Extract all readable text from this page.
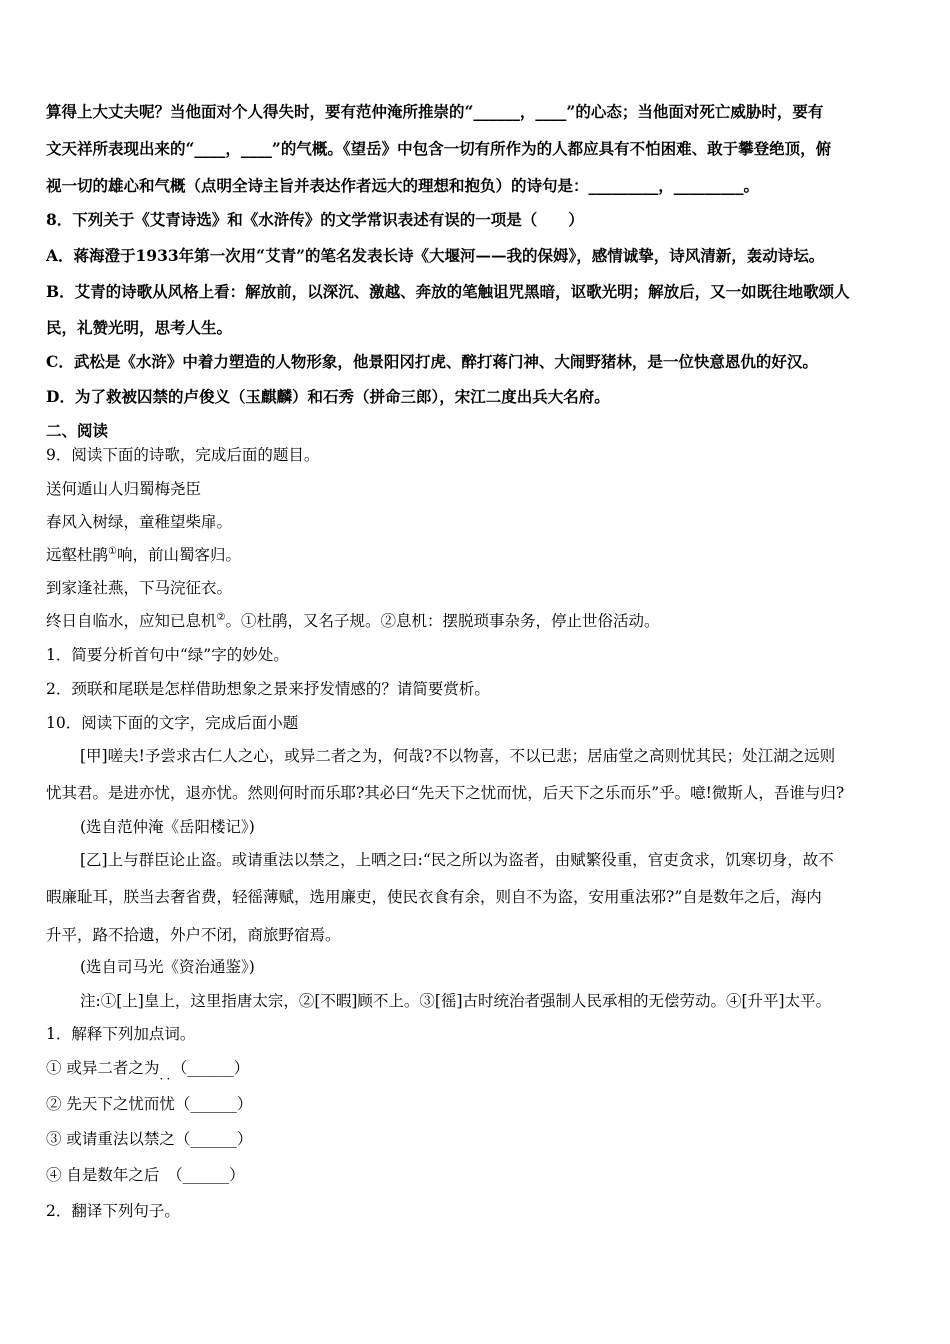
算得上大丈夫呢？当他面对个人得失时，要有范仲淹所推崇的“______，____”的心态；当他面对死亡威胁时，要有
文天祥所表现出来的“____，____”的气概。《望岳》中包含一切有所作为的人都应具有不怕困难、敢于攀登绝顶，俯
视一切的雄心和气概（点明全诗主旨并表达作者远大的理想和抱负）的诗句是：_________，_________。
8．下列关于《艾青诗选》和《水浒传》的文学常识表述有误的一项是（　　）
A．蒋海澄于1933年第一次用“艾青”的笔名发表长诗《大堰河——我的保姆》，感情诚挚，诗风清新，轰动诗坛。
B．艾青的诗歌从风格上看：解放前，以深沉、激越、奔放的笔触诅咒黑暗，讴歌光明；解放后，又一如既往地歌颂人
民，礼赞光明，思考人生。
C．武松是《水浒》中着力塑造的人物形象，他景阳冈打虎、醉打蒋门神、大闹野猪林，是一位快意恩仇的好汉。
D．为了救被囚禁的卢俊义（玉麒麟）和石秀（拼命三郎），宋江二度出兵大名府。
二、阅读
9．阅读下面的诗歌，完成后面的题目。
送何遁山人归蜀梅尧臣
春风入树绿，童稚望柴扉。
远壑杜鹃①响，前山蜀客归。
到家逢社燕，下马浣征衣。
终日自临水，应知已息机②。①杜鹃，又名子规。②息机：摆脱琐事杂务，停止世俗活动。
1．简要分析首句中“绿”字的妙处。
2．颈联和尾联是怎样借助想象之景来抒发情感的？请简要赏析。
10．阅读下面的文字，完成后面小题
[甲]嗟夫!予尝求古仁人之心，或异二者之为，何哉?不以物喜，不以已悲；居庙堂之高则忧其民；处江湖之远则
忧其君。是进亦忧，退亦忧。然则何时而乐耶?其必曰“先天下之忧而忧，后天下之乐而乐”乎。噫!微斯人，吾谁与归?
(选自范仲淹《岳阳楼记》)
[乙]上与群臣论止盗。或请重法以禁之，上哂之曰:“民之所以为盗者，由赋繁役重，官吏贪求，饥寒切身，故不
暇廉耻耳，朕当去奢省费，轻徭薄赋，选用廉吏，使民衣食有余，则自不为盗，安用重法邪?”自是数年之后，海内
升平，路不拾遗，外户不闭，商旅野宿焉。
(选自司马光《资治通鉴》)
注:①[上]皇上，这里指唐太宗，②[不暇]顾不上。③[徭]古时统治者强制人民承相的无偿劳动。④[升平]太平。
1．解释下列加点词。
① 或异二者之为$_{..}$（______）
② 先天下之忧而忧（______）
③ 或请重法以禁之（______）
④ 自是数年之后　（______）
2．翻译下列句子。
